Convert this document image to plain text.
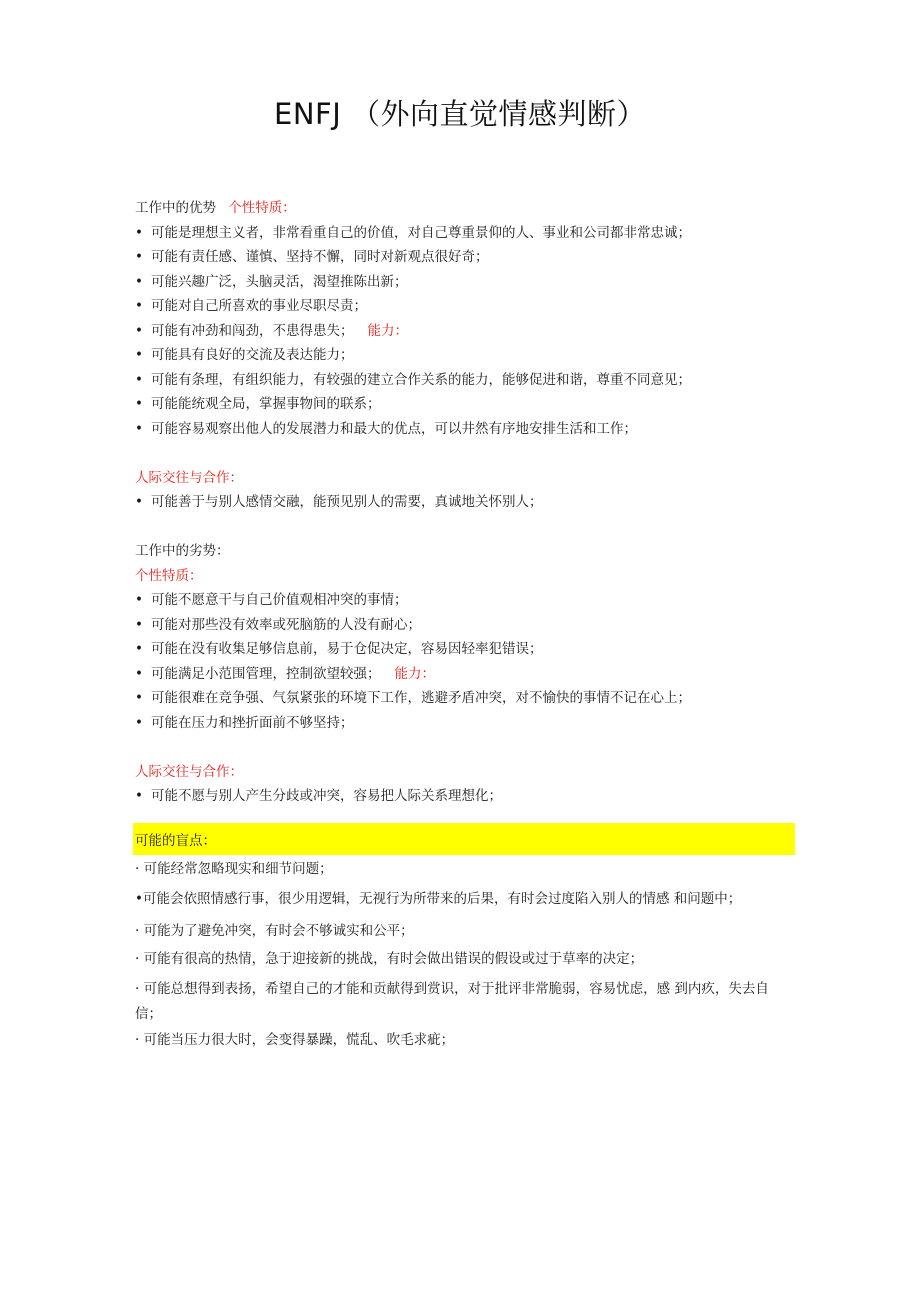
ENFJ （外向直觉情感判断）
工作中的优势 个性特质：
• 可能是理想主义者，非常看重自己的价值，对自己尊重景仰的人、事业和公司都非常忠诚；
• 可能有责任感、谨慎、坚持不懈，同时对新观点很好奇；
• 可能兴趣广泛，头脑灵活，渴望推陈出新；
• 可能对自己所喜欢的事业尽职尽责；
• 可能有冲劲和闯劲，不患得患失； 能力：
• 可能具有良好的交流及表达能力；
• 可能有条理，有组织能力，有较强的建立合作关系的能力，能够促进和谐，尊重不同意见；
• 可能能统观全局，掌握事物间的联系；
• 可能容易观察出他人的发展潜力和最大的优点，可以井然有序地安排生活和工作；
人际交往与合作：
• 可能善于与别人感情交融，能预见别人的需要，真诚地关怀别人；
工作中的劣势：
个性特质：
• 可能不愿意干与自己价值观相冲突的事情；
• 可能对那些没有效率或死脑筋的人没有耐心；
• 可能在没有收集足够信息前，易于仓促决定，容易因轻率犯错误；
• 可能满足小范围管理，控制欲望较强； 能力：
• 可能很难在竞争强、气氛紧张的环境下工作，逃避矛盾冲突，对不愉快的事情不记在心上；
• 可能在压力和挫折面前不够坚持；
人际交往与合作：
• 可能不愿与别人产生分歧或冲突，容易把人际关系理想化；
可能的盲点：
· 可能经常忽略现实和细节问题；
•可能会依照情感行事，很少用逻辑，无视行为所带来的后果，有时会过度陷入别人的情感 和问题中；
· 可能为了避免冲突，有时会不够诚实和公平；
· 可能有很高的热情，急于迎接新的挑战，有时会做出错误的假设或过于草率的决定；
· 可能总想得到表扬，希望自己的才能和贡献得到赏识，对于批评非常脆弱，容易忧虑，感 到内疚，失去自信；
· 可能当压力很大时，会变得暴躁，慌乱、吹毛求疵；
